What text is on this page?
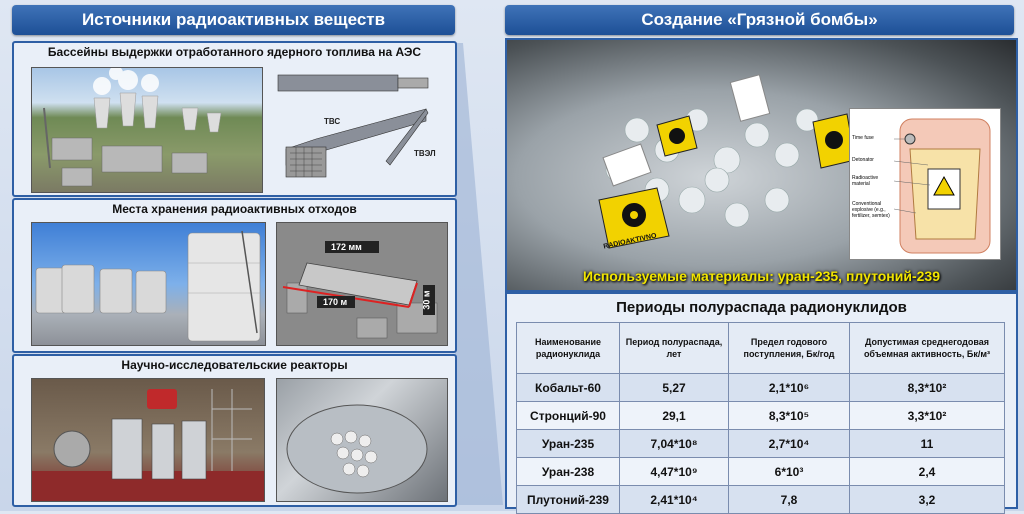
Источники радиоактивных веществ
Бассейны выдержки отработанного ядерного топлива на АЭС
ТВС
ТВЭЛ
Места хранения радиоактивных отходов
172 мм
170 м	30 м
Научно-исследовательские реакторы
Создание «Грязной бомбы»
RADIOAKTIVNO
Time fuse
Detonator
Radioactive material
Conventional explosive (e.g., fertilizer, semtex)
Используемые материалы: уран-235, плутоний-239
Периоды полураспада радионуклидов
Наименование радионуклида	Период полураспада, лет	Предел годового поступления, Бк/год	Допустимая среднегодовая объемная активность, Бк/м³
Кобальт-60	5,27	2,1*10⁶	8,3*10²
Стронций-90	29,1	8,3*10⁵	3,3*10²
Уран-235	7,04*10⁸	2,7*10⁴	11
Уран-238	4,47*10⁹	6*10³	2,4
Плутоний-239	2,41*10⁴	7,8	3,2
